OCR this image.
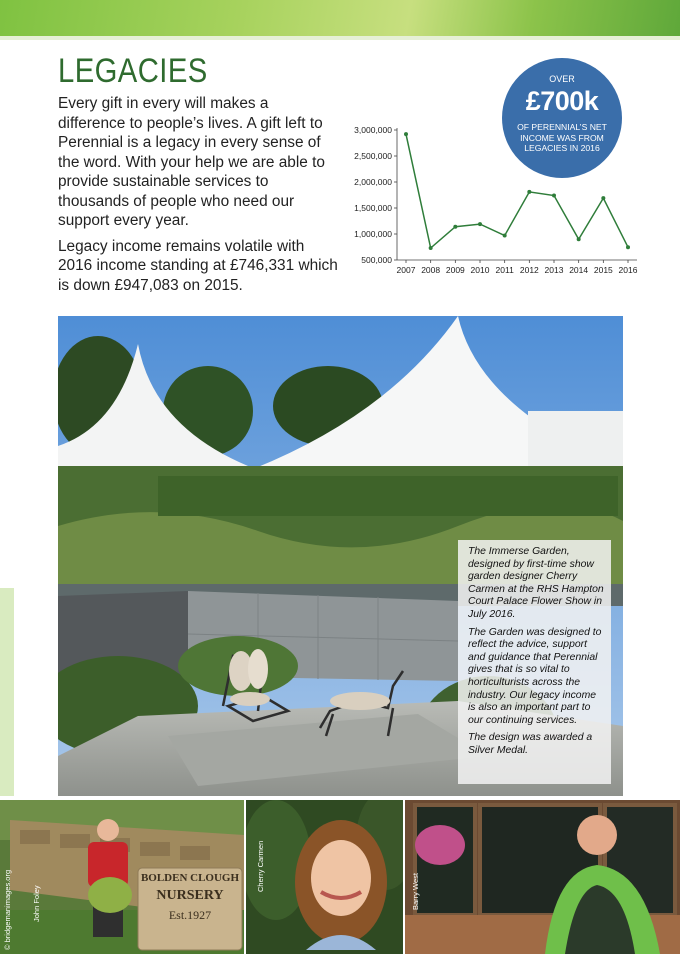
LEGACIES

Every gift in every will makes a difference to people’s lives. A gift left to Perennial is a legacy in every sense of the word. With your help we are able to provide sustainable services to thousands of people who need our support every year.

Legacy income remains volatile with 2016 income standing at £746,331 which is down £947,083 on 2015.

OVER
£700k
OF PERENNIAL’S NET INCOME WAS FROM LEGACIES IN 2016
3,000,000
2,500,000
2,000,000
1,500,000
1,000,000
500,000
2007 2008 2009 2010 2011 2012 2013 2014 2015 2016

The Immerse Garden, designed by first-time show garden designer Cherry Carmen at the RHS Hampton Court Palace Flower Show in July 2016.

The Garden was designed to reflect the advice, support and guidance that Perennial gives that is so vital to horticulturists across the industry. Our legacy income is also an important part to our continuing services.

The design was awarded a Silver Medal.

BOLDEN CLOUGH
NURSERY
Est.1927
© bridgemanimages.org	John Foley
Cherry Carmen	Barry West
